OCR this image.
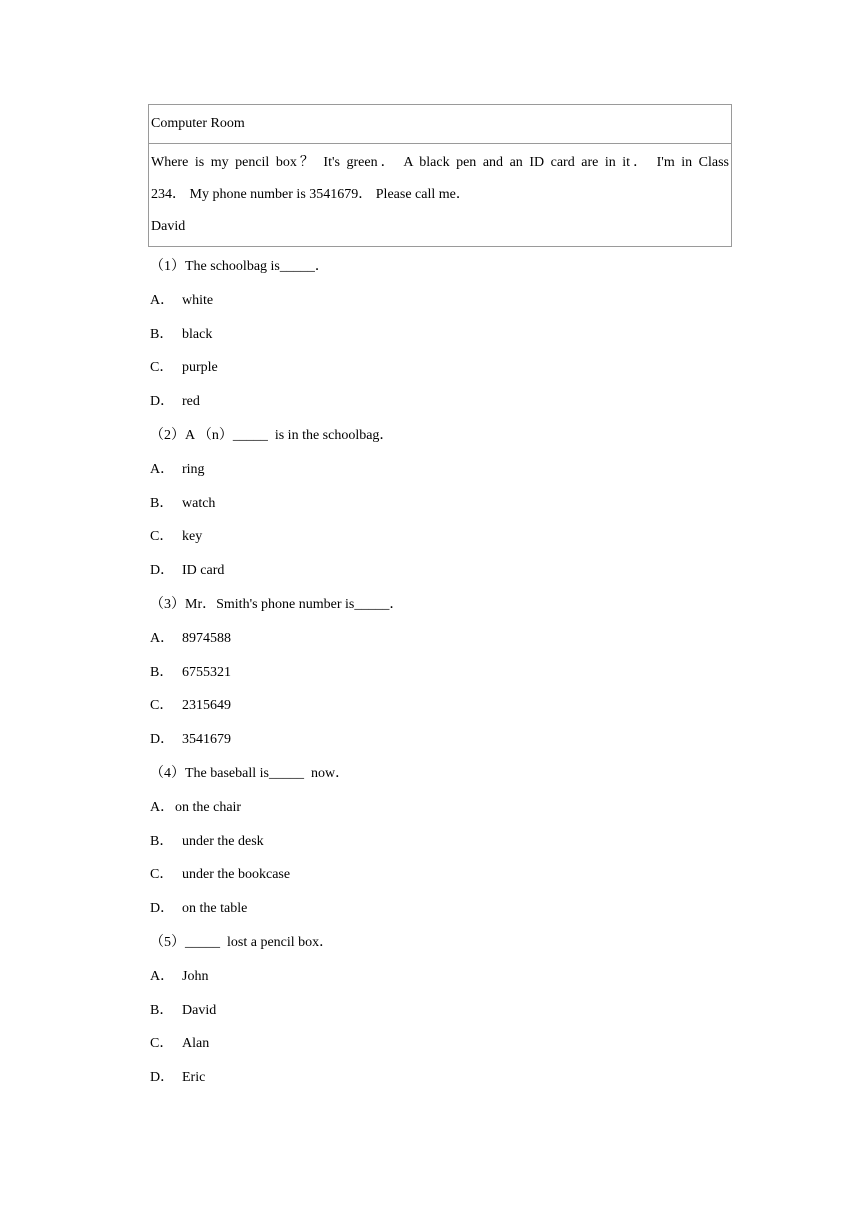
Computer Room
Where is my pencil box？ It's green． A black pen and an ID card are in it． I'm in Class
234． My phone number is 3541679． Please call me．
David
（1）The schoolbag is_____．
A． white
B． black
C． purple
D． red
（2）A （n）_____  is in the schoolbag．
A． ring
B． watch
C． key
D． ID card
（3）Mr．Smith's phone number is_____．
A． 8974588
B． 6755321
C． 2315649
D． 3541679
（4）The baseball is_____  now．
A．on the chair
B． under the desk
C． under the bookcase
D． on the table
（5）_____  lost a pencil box．
A． John
B． David
C． Alan
D． Eric
